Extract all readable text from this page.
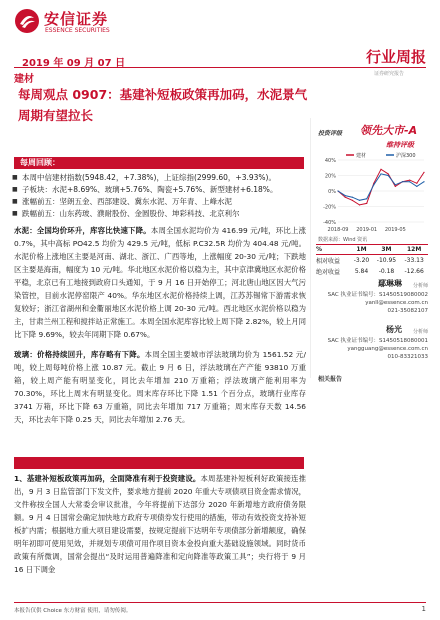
安信证券
ESSENCE SECURITIES
2019 年 09 月 07 日	行业周报
证券研究报告
建材
每周观点 0907：基建补短板政策再加码，水泥景气周期有望拉长
每周回顾：
■ 本周中信建材指数(5948.42，+7.38%)，上证综指(2999.60，+3.93%)。
■ 子板块：水泥+8.69%、玻璃+5.76%、陶瓷+5.76%、新型建材+6.18%。
■ 涨幅前五：坚朗五金、西部建设、冀东水泥、万年青、上峰水泥
■ 跌幅前五：山东药玻、濮耐股份、金圆股份、坤彩科技、北京利尔
水泥：全国均价环升，库容比快速下降。本周全国水泥均价为 416.99 元/吨，环比上涨 0.7%，其中高标 PO42.5 均价为 429.5 元/吨，低标 P.C32.5R 均价为 404.48 元/吨。水泥价格上涨地区主要是河南、湖北、浙江、广西等地，上涨幅度 20-30 元/吨；下跌地区主要是海南，幅度为 10 元/吨。华北地区水泥价格以稳为主，其中京津冀地区水泥价格平稳，北京已有工地接到政府口头通知，于 9 月 16 日开始停工；河北唐山地区因大气污染管控，目前水泥停窑限产 40%。华东地区水泥价格持续上调，江苏苏锡常下游需求恢复较好；浙江省湖州和金衢丽地区水泥价格上调 20-30 元/吨。西北地区水泥价格以稳为主，甘肃兰州工程和搅拌站正常施工。本周全国水泥库容比较上周下降 2.82%，较上月同比下降 9.69%，较去年同期下降 0.67%。
玻璃：价格持续回升，库存略有下降。本周全国主要城市浮法玻璃均价为 1561.52 元/吨，较上周每吨价格上涨 10.87 元。截止 9 月 6 日，浮法玻璃在产产能 93810 万重箱，较上周产能有明显变化，同比去年增加 210 万重箱；浮法玻璃产能利用率为 70.30%，环比上周末有明显变化。周末库存环比下降 1.51 个百分点，玻璃行业库存 3741 万箱，环比下降 63 万重箱，同比去年增加 717 万重箱；周末库存天数 14.56 天，环比去年下降 0.25 天，同比去年增加 2.76 天。
1、基建补短板政策再加码，全面降准有利于投资建设。本周基建补短板利好政策接连推出，9 月 3 日监管部门下发文件，要求地方提前 2020 年重大专项债项目资金需求情况，文件称按全国人大常委会审议批准，今年将提前下达部分 2020 年新增地方政府债务限额。9 月 4 日国常会确定加快地方政府专项债券发行使用的措施，带动有效投资支持补短板扩内需；根据地方重大项目建设需要，按规定提前下达明年专项债部分新增额度，确保明年初即可使用见效，并规划专项债可用作项目资本金投向重大基础设施领域。同时货币政策有所微调，国常会提出“及时运用普遍降准和定向降准等政策工具”；央行将于 9 月 16 日下调金
投资评级 领先大市-A
维持评级
40%
20%
0%
-20%
-40%
2018-09 2019-01 2019-05
建材	沪深300
数据来源：Wind 资讯
%	1M	3M	12M
相对收益	-3.20	-10.95	-33.13
绝对收益	5.84	-0.18	-12.66
鄢琳琳 分析师
SAC 执业证书编号：S1450519080002
yanll@essence.com.cn
021-35082107
杨光 分析师
SAC 执业证书编号：S1450518080001
yangguang@essence.com.cn
010-83321033
相关报告
本报告仅供 Choice 东方财富 使用，请勿传阅。	1
